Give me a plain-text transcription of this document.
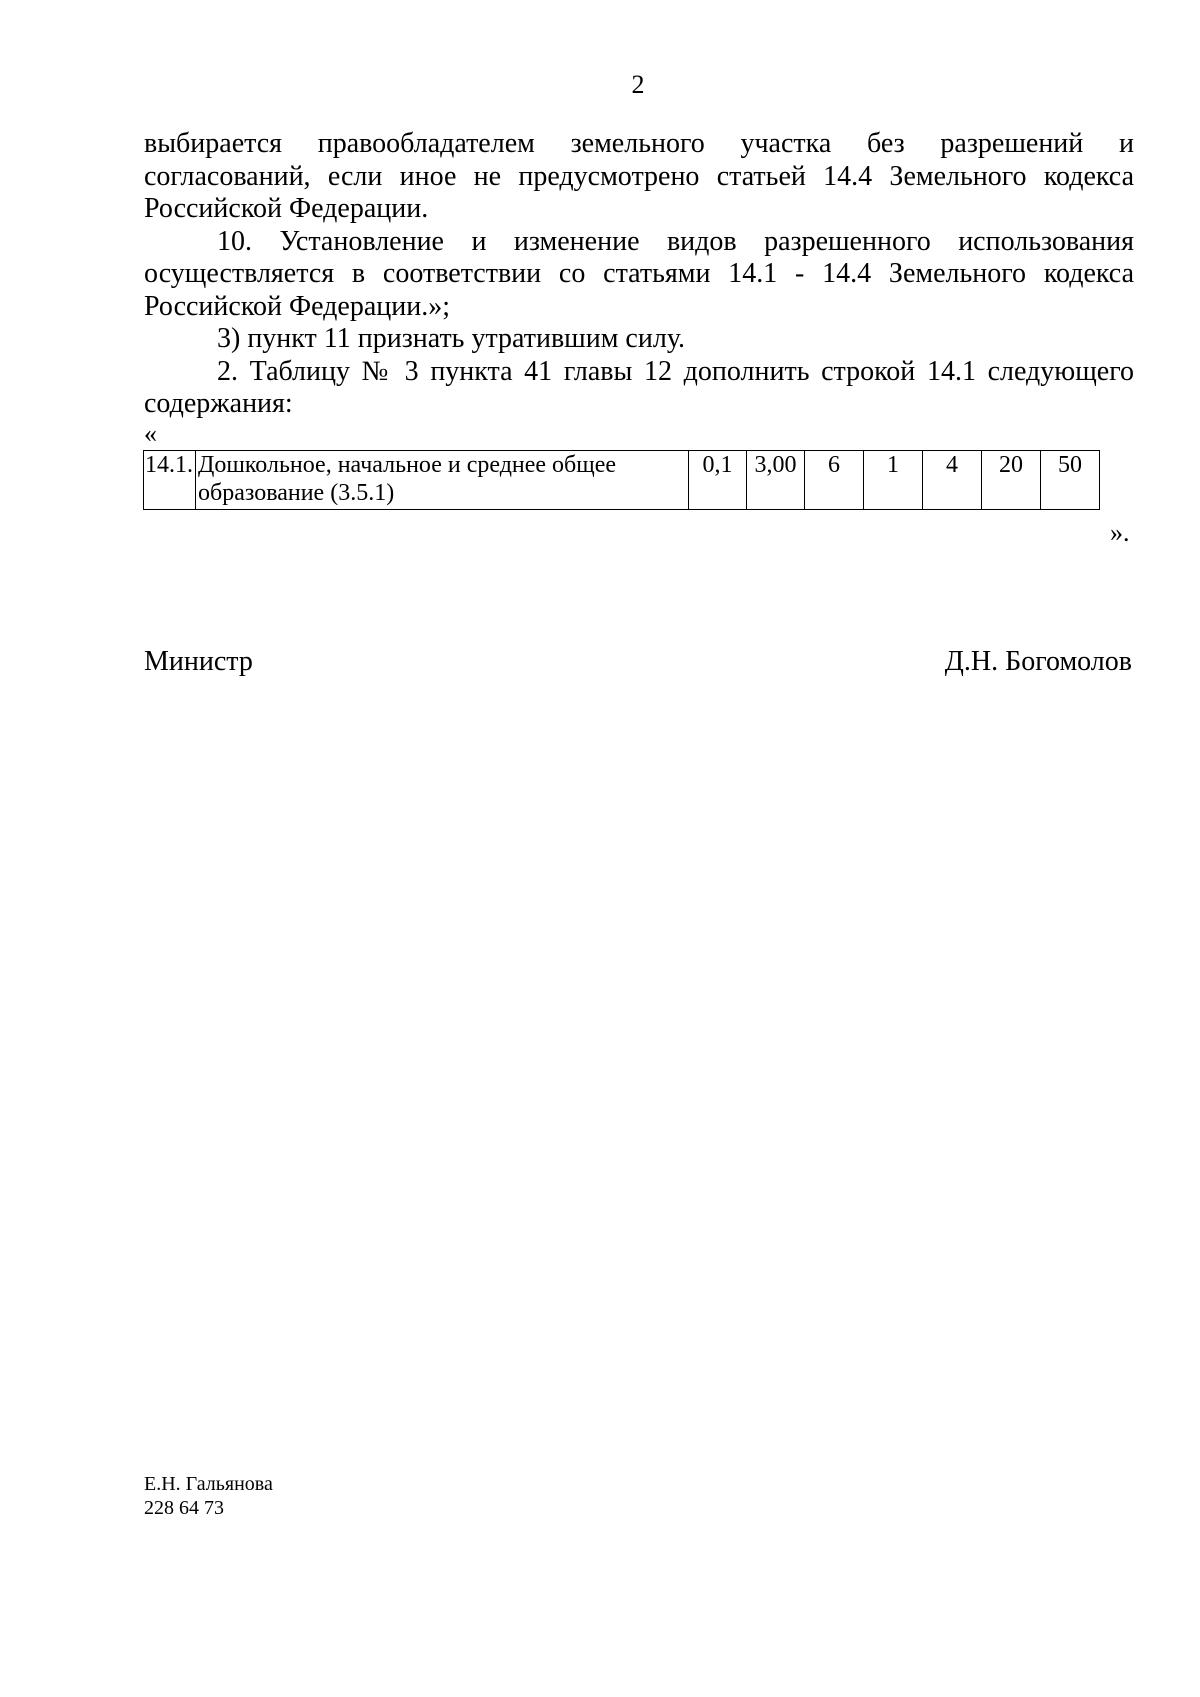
2

выбирается правообладателем земельного участка без разрешений и согласований, если иное не предусмотрено статьей 14.4 Земельного кодекса Российской Федерации.

10. Установление и изменение видов разрешенного использования осуществляется в соответствии со статьями 14.1 - 14.4 Земельного кодекса Российской Федерации.»;

3) пункт 11 признать утратившим силу.

2. Таблицу № 3 пункта 41 главы 12 дополнить строкой 14.1 следующего содержания:

«
14.1.	Дошкольное, начальное и среднее общее образование (3.5.1)	0,1	3,00	6	1	4	20	50
».
Министр	Д.Н. Богомолов
Е.Н. Гальянова
228 64 73
